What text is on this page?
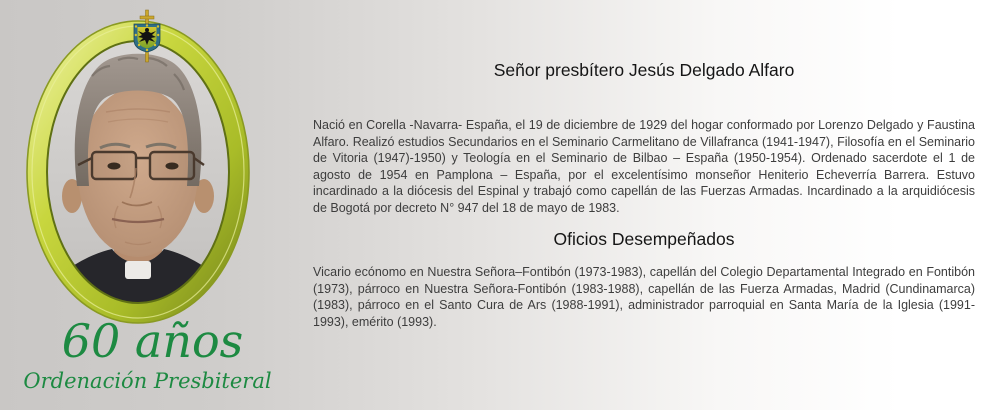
60 años
Ordenación Presbiteral
Señor presbítero Jesús Delgado Alfaro
Nació en Corella -Navarra- España, el 19 de diciembre de 1929 del hogar conformado por Lorenzo Delgado y Faustina Alfaro. Realizó estudios Secundarios en el Seminario Carmelitano de Villafranca (1941-1947), Filosofía en el Seminario de Vitoria (1947)-1950) y Teología en el Seminario de Bilbao – España (1950-1954). Ordenado sacerdote el 1 de agosto de 1954 en Pamplona – España, por el excelentísimo monseñor Heniterio Echeverría Barrera. Estuvo incardinado a la diócesis del Espinal y trabajó como capellán de las Fuerzas Armadas. Incardinado a la arquidiócesis de Bogotá por decreto N° 947 del 18 de mayo de 1983.
Oficios Desempeñados
Vicario ecónomo en Nuestra Señora–Fontibón (1973-1983), capellán del Colegio Departamental Integrado en Fontibón (1973), párroco en Nuestra Señora-Fontibón (1983-1988), capellán de las Fuerza Armadas, Madrid (Cundinamarca) (1983), párroco en el Santo Cura de Ars (1988-1991), administrador parroquial en Santa María de la Iglesia (1991-1993), emérito (1993).
